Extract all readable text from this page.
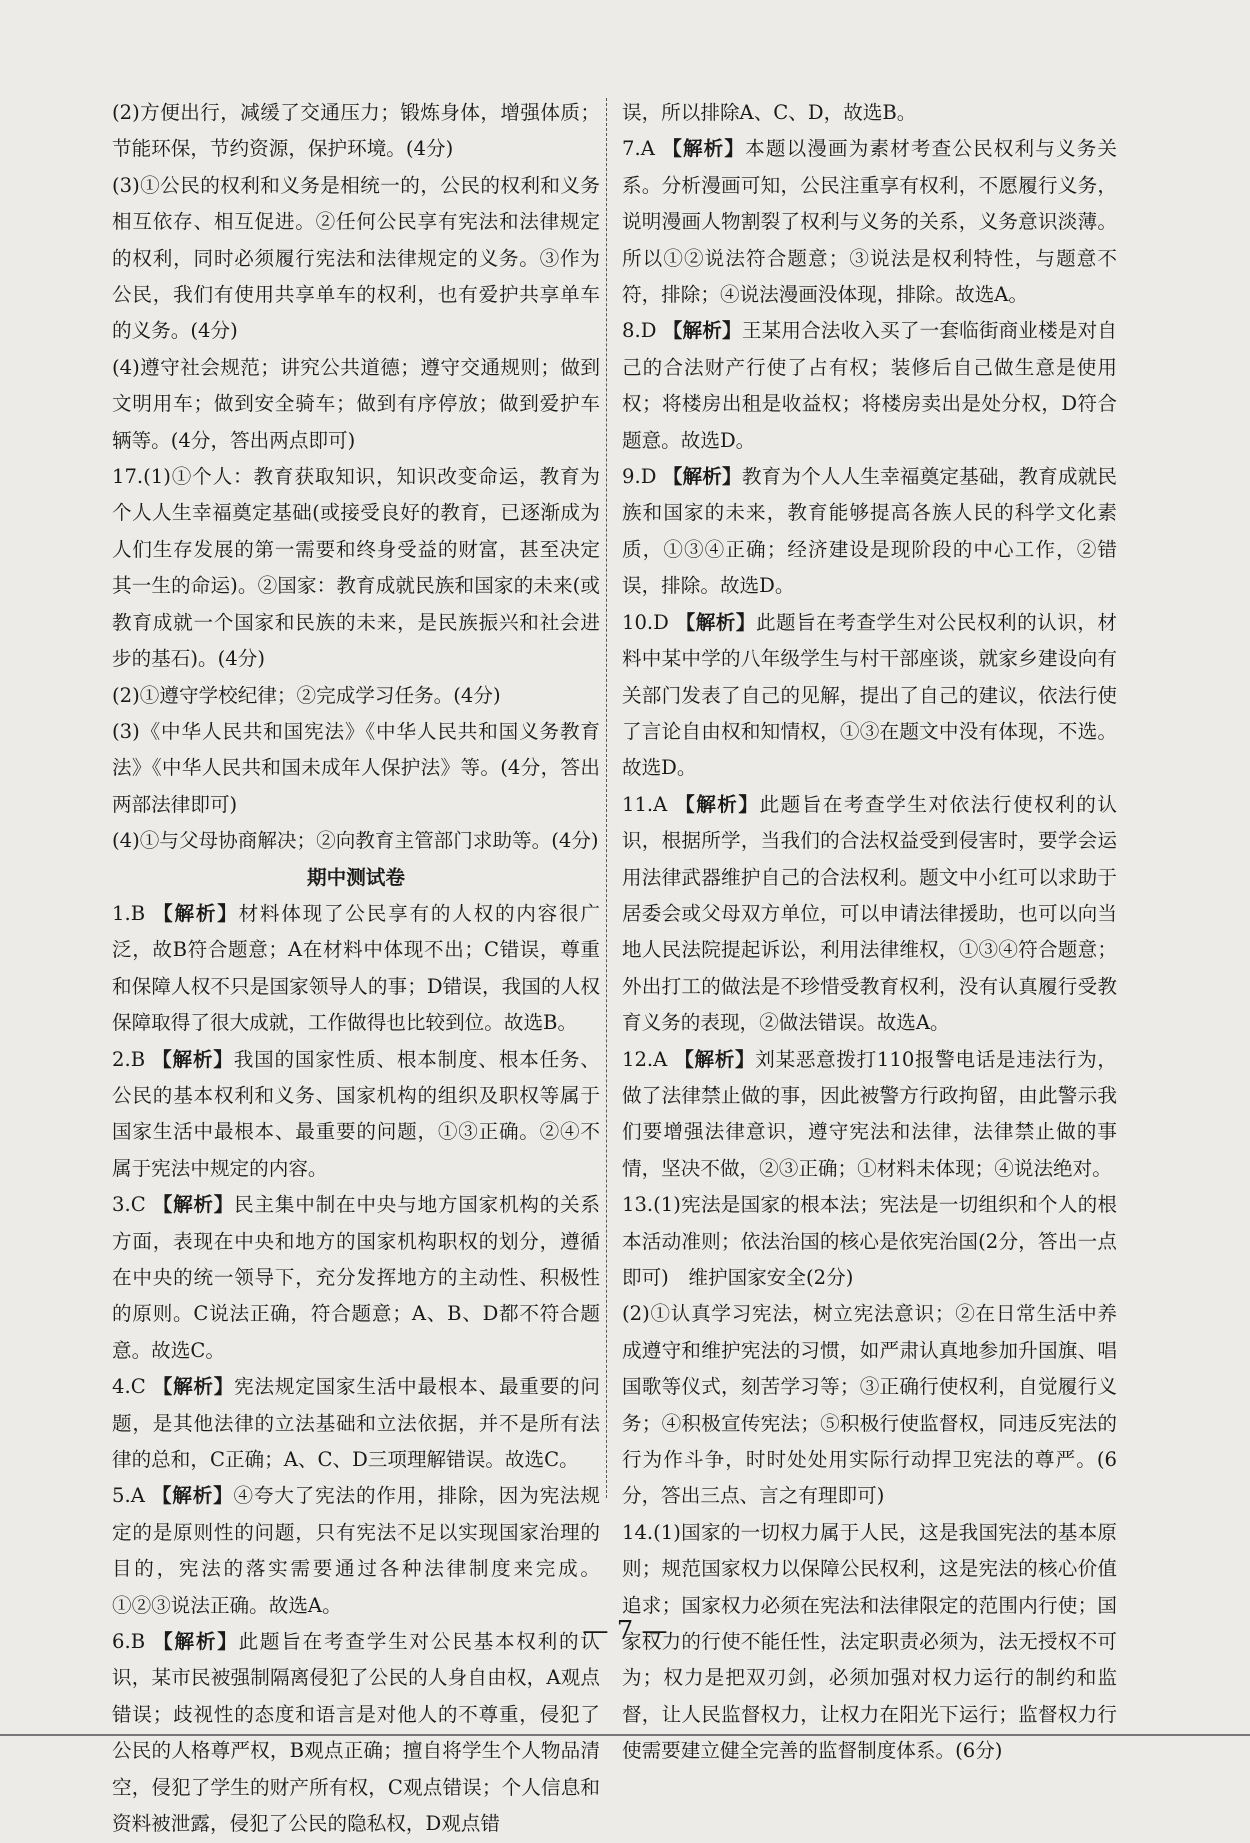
(2)方便出行，减缓了交通压力；锻炼身体，增强体质；节能环保，节约资源，保护环境。(4分)

(3)①公民的权利和义务是相统一的，公民的权利和义务相互依存、相互促进。②任何公民享有宪法和法律规定的权利，同时必须履行宪法和法律规定的义务。③作为公民，我们有使用共享单车的权利，也有爱护共享单车的义务。(4分)

(4)遵守社会规范；讲究公共道德；遵守交通规则；做到文明用车；做到安全骑车；做到有序停放；做到爱护车辆等。(4分，答出两点即可)

17.(1)①个人：教育获取知识，知识改变命运，教育为个人人生幸福奠定基础(或接受良好的教育，已逐渐成为人们生存发展的第一需要和终身受益的财富，甚至决定其一生的命运)。②国家：教育成就民族和国家的未来(或教育成就一个国家和民族的未来，是民族振兴和社会进步的基石)。(4分)

(2)①遵守学校纪律；②完成学习任务。(4分)

(3)《中华人民共和国宪法》《中华人民共和国义务教育法》《中华人民共和国未成年人保护法》等。(4分，答出两部法律即可)

(4)①与父母协商解决；②向教育主管部门求助等。(4分)

期中测试卷

1.B 【解析】材料体现了公民享有的人权的内容很广泛，故B符合题意；A在材料中体现不出；C错误，尊重和保障人权不只是国家领导人的事；D错误，我国的人权保障取得了很大成就，工作做得也比较到位。故选B。

2.B 【解析】我国的国家性质、根本制度、根本任务、公民的基本权利和义务、国家机构的组织及职权等属于国家生活中最根本、最重要的问题，①③正确。②④不属于宪法中规定的内容。

3.C 【解析】民主集中制在中央与地方国家机构的关系方面，表现在中央和地方的国家机构职权的划分，遵循在中央的统一领导下，充分发挥地方的主动性、积极性的原则。C说法正确，符合题意；A、B、D都不符合题意。故选C。

4.C 【解析】宪法规定国家生活中最根本、最重要的问题，是其他法律的立法基础和立法依据，并不是所有法律的总和，C正确；A、C、D三项理解错误。故选C。

5.A 【解析】④夸大了宪法的作用，排除，因为宪法规定的是原则性的问题，只有宪法不足以实现国家治理的目的，宪法的落实需要通过各种法律制度来完成。①②③说法正确。故选A。

6.B 【解析】此题旨在考查学生对公民基本权利的认识，某市民被强制隔离侵犯了公民的人身自由权，A观点错误；歧视性的态度和语言是对他人的不尊重，侵犯了公民的人格尊严权，B观点正确；擅自将学生个人物品清空，侵犯了学生的财产所有权，C观点错误；个人信息和资料被泄露，侵犯了公民的隐私权，D观点错

误，所以排除A、C、D，故选B。

7.A 【解析】本题以漫画为素材考查公民权利与义务关系。分析漫画可知，公民注重享有权利，不愿履行义务，说明漫画人物割裂了权利与义务的关系，义务意识淡薄。所以①②说法符合题意；③说法是权利特性，与题意不符，排除；④说法漫画没体现，排除。故选A。

8.D 【解析】王某用合法收入买了一套临街商业楼是对自己的合法财产行使了占有权；装修后自己做生意是使用权；将楼房出租是收益权；将楼房卖出是处分权，D符合题意。故选D。

9.D 【解析】教育为个人人生幸福奠定基础，教育成就民族和国家的未来，教育能够提高各族人民的科学文化素质，①③④正确；经济建设是现阶段的中心工作，②错误，排除。故选D。

10.D 【解析】此题旨在考查学生对公民权利的认识，材料中某中学的八年级学生与村干部座谈，就家乡建设向有关部门发表了自己的见解，提出了自己的建议，依法行使了言论自由权和知情权，①③在题文中没有体现，不选。故选D。

11.A 【解析】此题旨在考查学生对依法行使权利的认识，根据所学，当我们的合法权益受到侵害时，要学会运用法律武器维护自己的合法权利。题文中小红可以求助于居委会或父母双方单位，可以申请法律援助，也可以向当地人民法院提起诉讼，利用法律维权，①③④符合题意；外出打工的做法是不珍惜受教育权利，没有认真履行受教育义务的表现，②做法错误。故选A。

12.A 【解析】刘某恶意拨打110报警电话是违法行为，做了法律禁止做的事，因此被警方行政拘留，由此警示我们要增强法律意识，遵守宪法和法律，法律禁止做的事情，坚决不做，②③正确；①材料未体现；④说法绝对。

13.(1)宪法是国家的根本法；宪法是一切组织和个人的根本活动准则；依法治国的核心是依宪治国(2分，答出一点即可)　维护国家安全(2分)

(2)①认真学习宪法，树立宪法意识；②在日常生活中养成遵守和维护宪法的习惯，如严肃认真地参加升国旗、唱国歌等仪式，刻苦学习等；③正确行使权利，自觉履行义务；④积极宣传宪法；⑤积极行使监督权，同违反宪法的行为作斗争，时时处处用实际行动捍卫宪法的尊严。(6分，答出三点、言之有理即可)

14.(1)国家的一切权力属于人民，这是我国宪法的基本原则；规范国家权力以保障公民权利，这是宪法的核心价值追求；国家权力必须在宪法和法律限定的范围内行使；国家权力的行使不能任性，法定职责必须为，法无授权不可为；权力是把双刃剑，必须加强对权力运行的制约和监督，让人民监督权力，让权力在阳光下运行；监督权力行使需要建立健全完善的监督制度体系。(6分)

— 7 —
